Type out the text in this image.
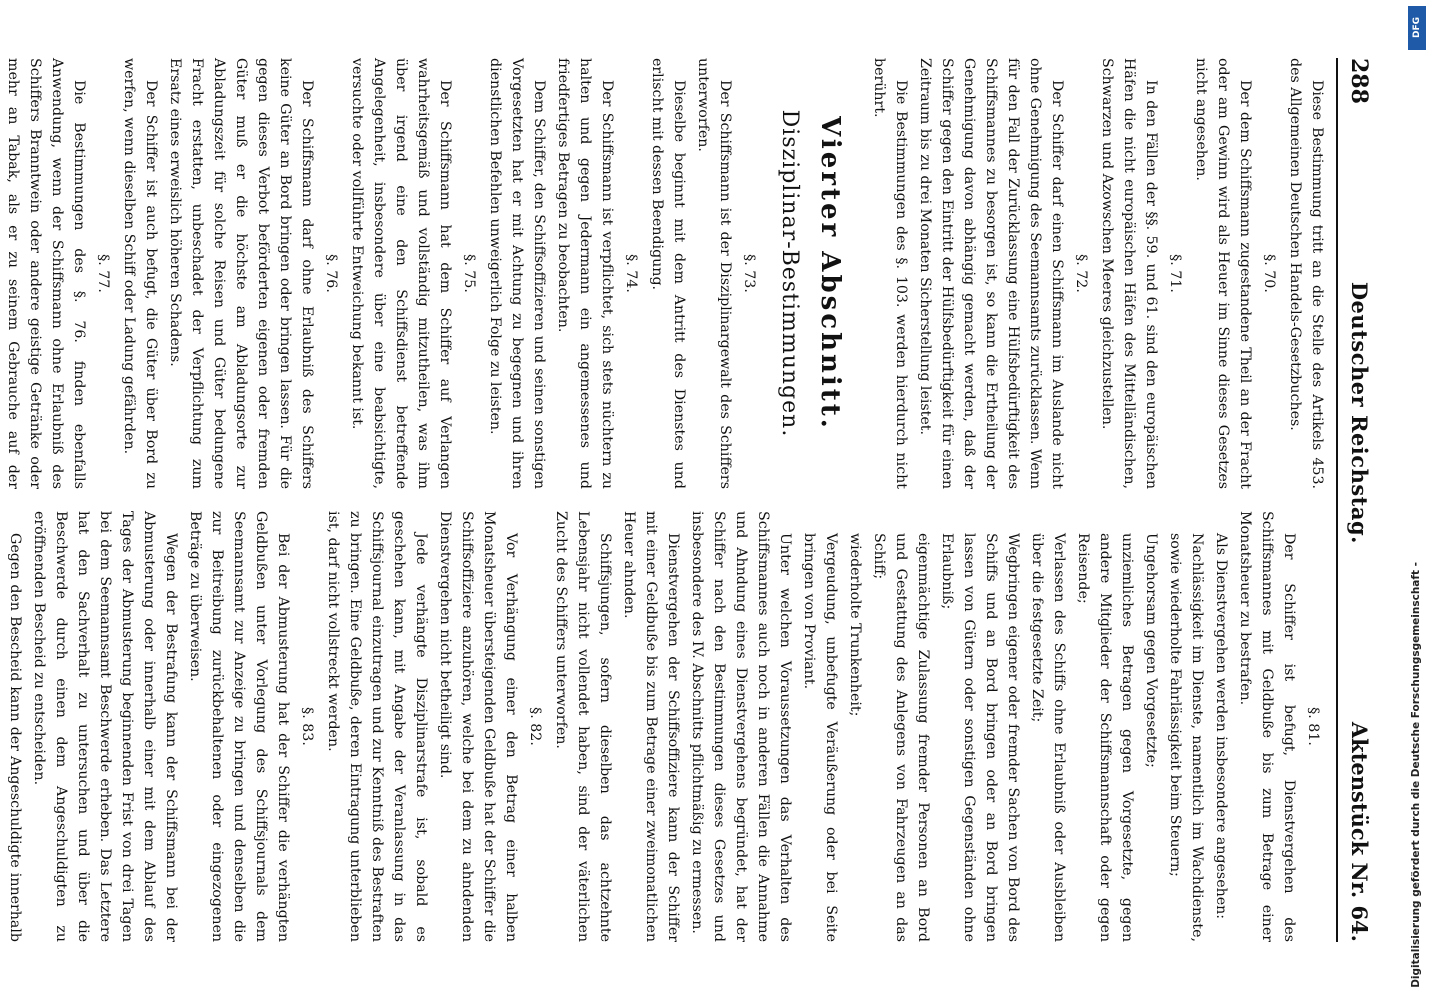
288
Deutscher Reichstag.
Aktenstück Nr. 64.

Diese Bestimmung tritt an die Stelle des Artikels 453. des Allgemeinen Deutschen Handels-Gesetzbuches.

§. 70.

Der dem Schiffsmann zugestandene Theil an der Fracht oder am Gewinn wird als Heuer im Sinne dieses Gesetzes nicht angesehen.

§. 71.

In den Fällen der §§. 59. und 61. sind den europäischen Häfen die nicht europäischen Häfen des Mittelländischen, Schwarzen und Azowschen Meeres gleichzustellen.

§. 72.

Der Schiffer darf einen Schiffsmann im Auslande nicht ohne Genehmigung des Seemannsamts zurücklassen. Wenn für den Fall der Zurücklassung eine Hülfsbedürftigkeit des Schiffsmannes zu besorgen ist, so kann die Ertheilung der Genehmigung davon abhängig gemacht werden, daß der Schiffer gegen den Eintritt der Hülfsbedürftigkeit für einen Zeitraum bis zu drei Monaten Sicherstellung leistet.

Die Bestimmungen des §. 103. werden hierdurch nicht berührt.

Vierter Abschnitt.
Disziplinar-Bestimmungen.
§. 73.

Der Schiffsmann ist der Disziplinargewalt des Schiffers unterworfen.

Dieselbe beginnt mit dem Antritt des Dienstes und erlischt mit dessen Beendigung.

§. 74.

Der Schiffsmann ist verpflichtet, sich stets nüchtern zu halten und gegen Jedermann ein angemessenes und friedfertiges Betragen zu beobachten.

Dem Schiffer, den Schiffsoffizieren und seinen sonstigen Vorgesetzten hat er mit Achtung zu begegnen und ihren dienstlichen Befehlen unweigerlich Folge zu leisten.

§. 75.

Der Schiffsmann hat dem Schiffer auf Verlangen wahrheitsgemäß und vollständig mitzutheilen, was ihm über irgend eine den Schiffsdienst betreffende Angelegenheit, insbesondere über eine beabsichtigte, versuchte oder vollführte Entweichung bekannt ist.

§. 76.

Der Schiffsmann darf ohne Erlaubniß des Schiffers keine Güter an Bord bringen oder bringen lassen. Für die gegen dieses Verbot beförderten eigenen oder fremden Güter muß er die höchste am Abladungsorte zur Abladungszeit für solche Reisen und Güter bedungene Fracht erstatten, unbeschadet der Verpflichtung zum Ersatz eines erweislich höheren Schadens.

Der Schiffer ist auch befugt, die Güter über Bord zu werfen, wenn dieselben Schiff oder Ladung gefährden.

§. 77.

Die Bestimmungen des §. 76. finden ebenfalls Anwendung, wenn der Schiffsmann ohne Erlaubniß des Schiffers Branntwein oder andere geistige Getränke oder mehr an Tabak, als er zu seinem Gebrauche auf der

§. 81.

Der Schiffer ist befugt, Dienstvergehen des Schiffsmannes mit Geldbuße bis zum Betrage einer Monatsheuer zu bestrafen.

Als Dienstvergehen werden insbesondere angesehen:

Nachlässigkeit im Dienste, namentlich im Wachdienste, sowie wiederholte Fahrlässigkeit beim Steuern;

Ungehorsam gegen Vorgesetzte;

unziemliches Betragen gegen Vorgesetzte, gegen andere Mitglieder der Schiffsmannschaft oder gegen Reisende;

Verlassen des Schiffs ohne Erlaubniß oder Ausbleiben über die festgesetzte Zeit;

Wegbringen eigener oder fremder Sachen von Bord des Schiffs und an Bord bringen oder an Bord bringen lassen von Gütern oder sonstigen Gegenständen ohne Erlaubniß;

eigenmächtige Zulassung fremder Personen an Bord und Gestattung des Anlegens von Fahrzeugen an das Schiff;

wiederholte Trunkenheit;

Vergeudung, unbefugte Veräußerung oder bei Seite bringen von Proviant.

Unter welchen Voraussetzungen das Verhalten des Schiffsmannes auch noch in anderen Fällen die Annahme und Ahndung eines Dienstvergehens begründet, hat der Schiffer nach den Bestimmungen dieses Gesetzes und insbesondere des IV. Abschnitts pflichtmäßig zu ermessen.

Dienstvergehen der Schiffsoffiziere kann der Schiffer mit einer Geldbuße bis zum Betrage einer zweimonatlichen Heuer ahnden.

Schiffsjungen, sofern dieselben das achtzehnte Lebensjahr nicht vollendet haben, sind der väterlichen Zucht des Schiffers unterworfen.

§. 82.

Vor Verhängung einer den Betrag einer halben Monatsheuer übersteigenden Geldbuße hat der Schiffer die Schiffsoffiziere anzuhören, welche bei dem zu ahndenden Dienstvergehen nicht betheiligt sind.

Jede verhängte Disziplinarstrafe ist, sobald es geschehen kann, mit Angabe der Veranlassung in das Schiffsjournal einzutragen und zur Kenntniß des Bestraften zu bringen. Eine Geldbuße, deren Eintragung unterblieben ist, darf nicht vollstreckt werden.

§. 83.

Bei der Abmusterung hat der Schiffer die verhängten Geldbußen unter Vorlegung des Schiffsjournals dem Seemannsamt zur Anzeige zu bringen und denselben die zur Beitreibung zurückbehaltenen oder eingezogenen Beträge zu überweisen.

Wegen der Bestrafung kann der Schiffsmann bei der Abmusterung oder innerhalb einer mit dem Ablauf des Tages der Abmusterung beginnenden Frist von drei Tagen bei dem Seemannsamt Beschwerde erheben. Das Letztere hat den Sachverhalt zu untersuchen und über die Beschwerde durch einen dem Angeschuldigten zu eröffnenden Bescheid zu entscheiden.

Gegen den Bescheid kann der Angeschuldigte innerhalb	Digitalisierung gefördert durch die Deutsche Forschungsgemeinschaft -
DFG
